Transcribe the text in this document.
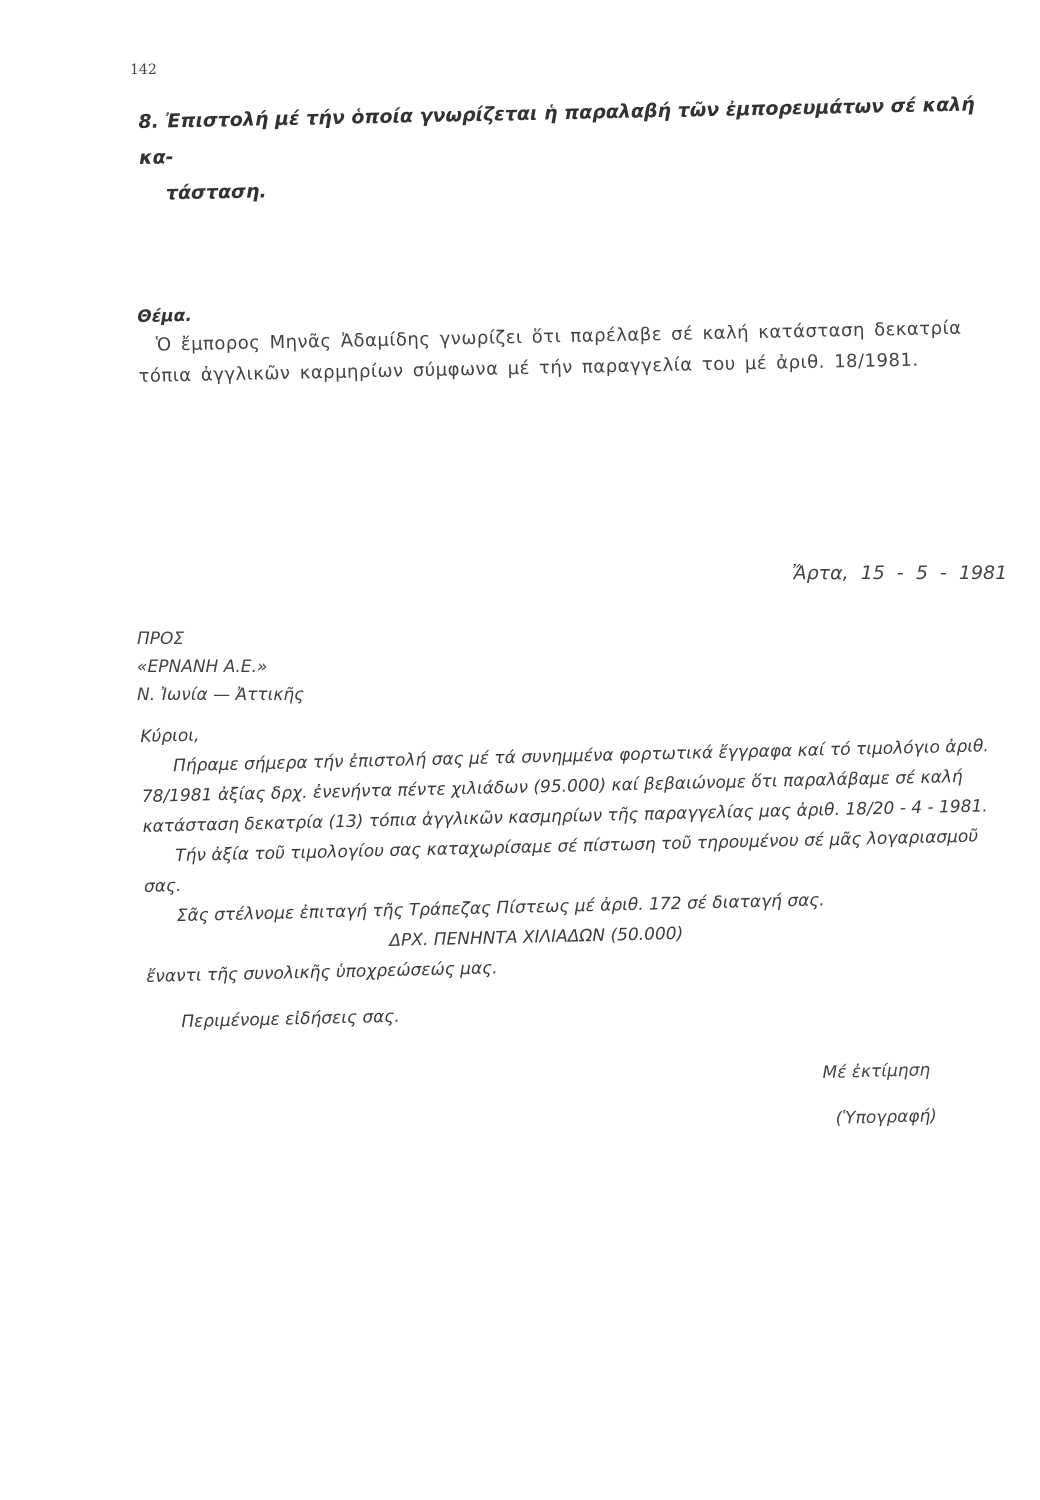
142
8. Ἐπιστολή μέ τήν ὁποία γνωρίζεται ἡ παραλαβή τῶν ἐμπορευμάτων σέ καλή κα-
τάσταση.
Θέμα.

Ὁ ἔμπορος Μηνᾶς Ἀδαμίδης γνωρίζει ὅτι παρέλαβε σέ καλή κατάσταση δεκατρία τόπια ἀγγλικῶν καρμηρίων σύμφωνα μέ τήν παραγγελία του μέ ἀριθ. 18/1981.

Ἄρτα, 15 - 5 - 1981
ΠΡΟΣ
«ΕΡΝΑΝΗ Α.Ε.»
Ν. Ἰωνία — Ἀττικῆς
Κύριοι,

Πήραμε σήμερα τήν ἐπιστολή σας μέ τά συνημμένα φορτωτικά ἔγγραφα καί τό τιμολόγιο ἀριθ. 78/1981 ἀξίας δρχ. ἐνενήντα πέντε χιλιάδων (95.000) καί βεβαιώνομε ὅτι παραλάβαμε σέ καλή κατάσταση δεκατρία (13) τόπια ἀγγλικῶν κασμηρίων τῆς παραγγελίας μας ἀριθ. 18/20 - 4 - 1981.

Τήν ἀξία τοῦ τιμολογίου σας καταχωρίσαμε σέ πίστωση τοῦ τηρουμένου σέ μᾶς λογαριασμοῦ σας.

Σᾶς στέλνομε ἐπιταγή τῆς Τράπεζας Πίστεως μέ ἀριθ. 172 σέ διαταγή σας.

ΔΡΧ. ΠΕΝΗΝΤΑ ΧΙΛΙΑΔΩΝ (50.000)

ἔναντι τῆς συνολικῆς ὑποχρεώσεώς μας.

Περιμένομε εἰδήσεις σας.
Μέ ἐκτίμηση
(Ὑπογραφή)
